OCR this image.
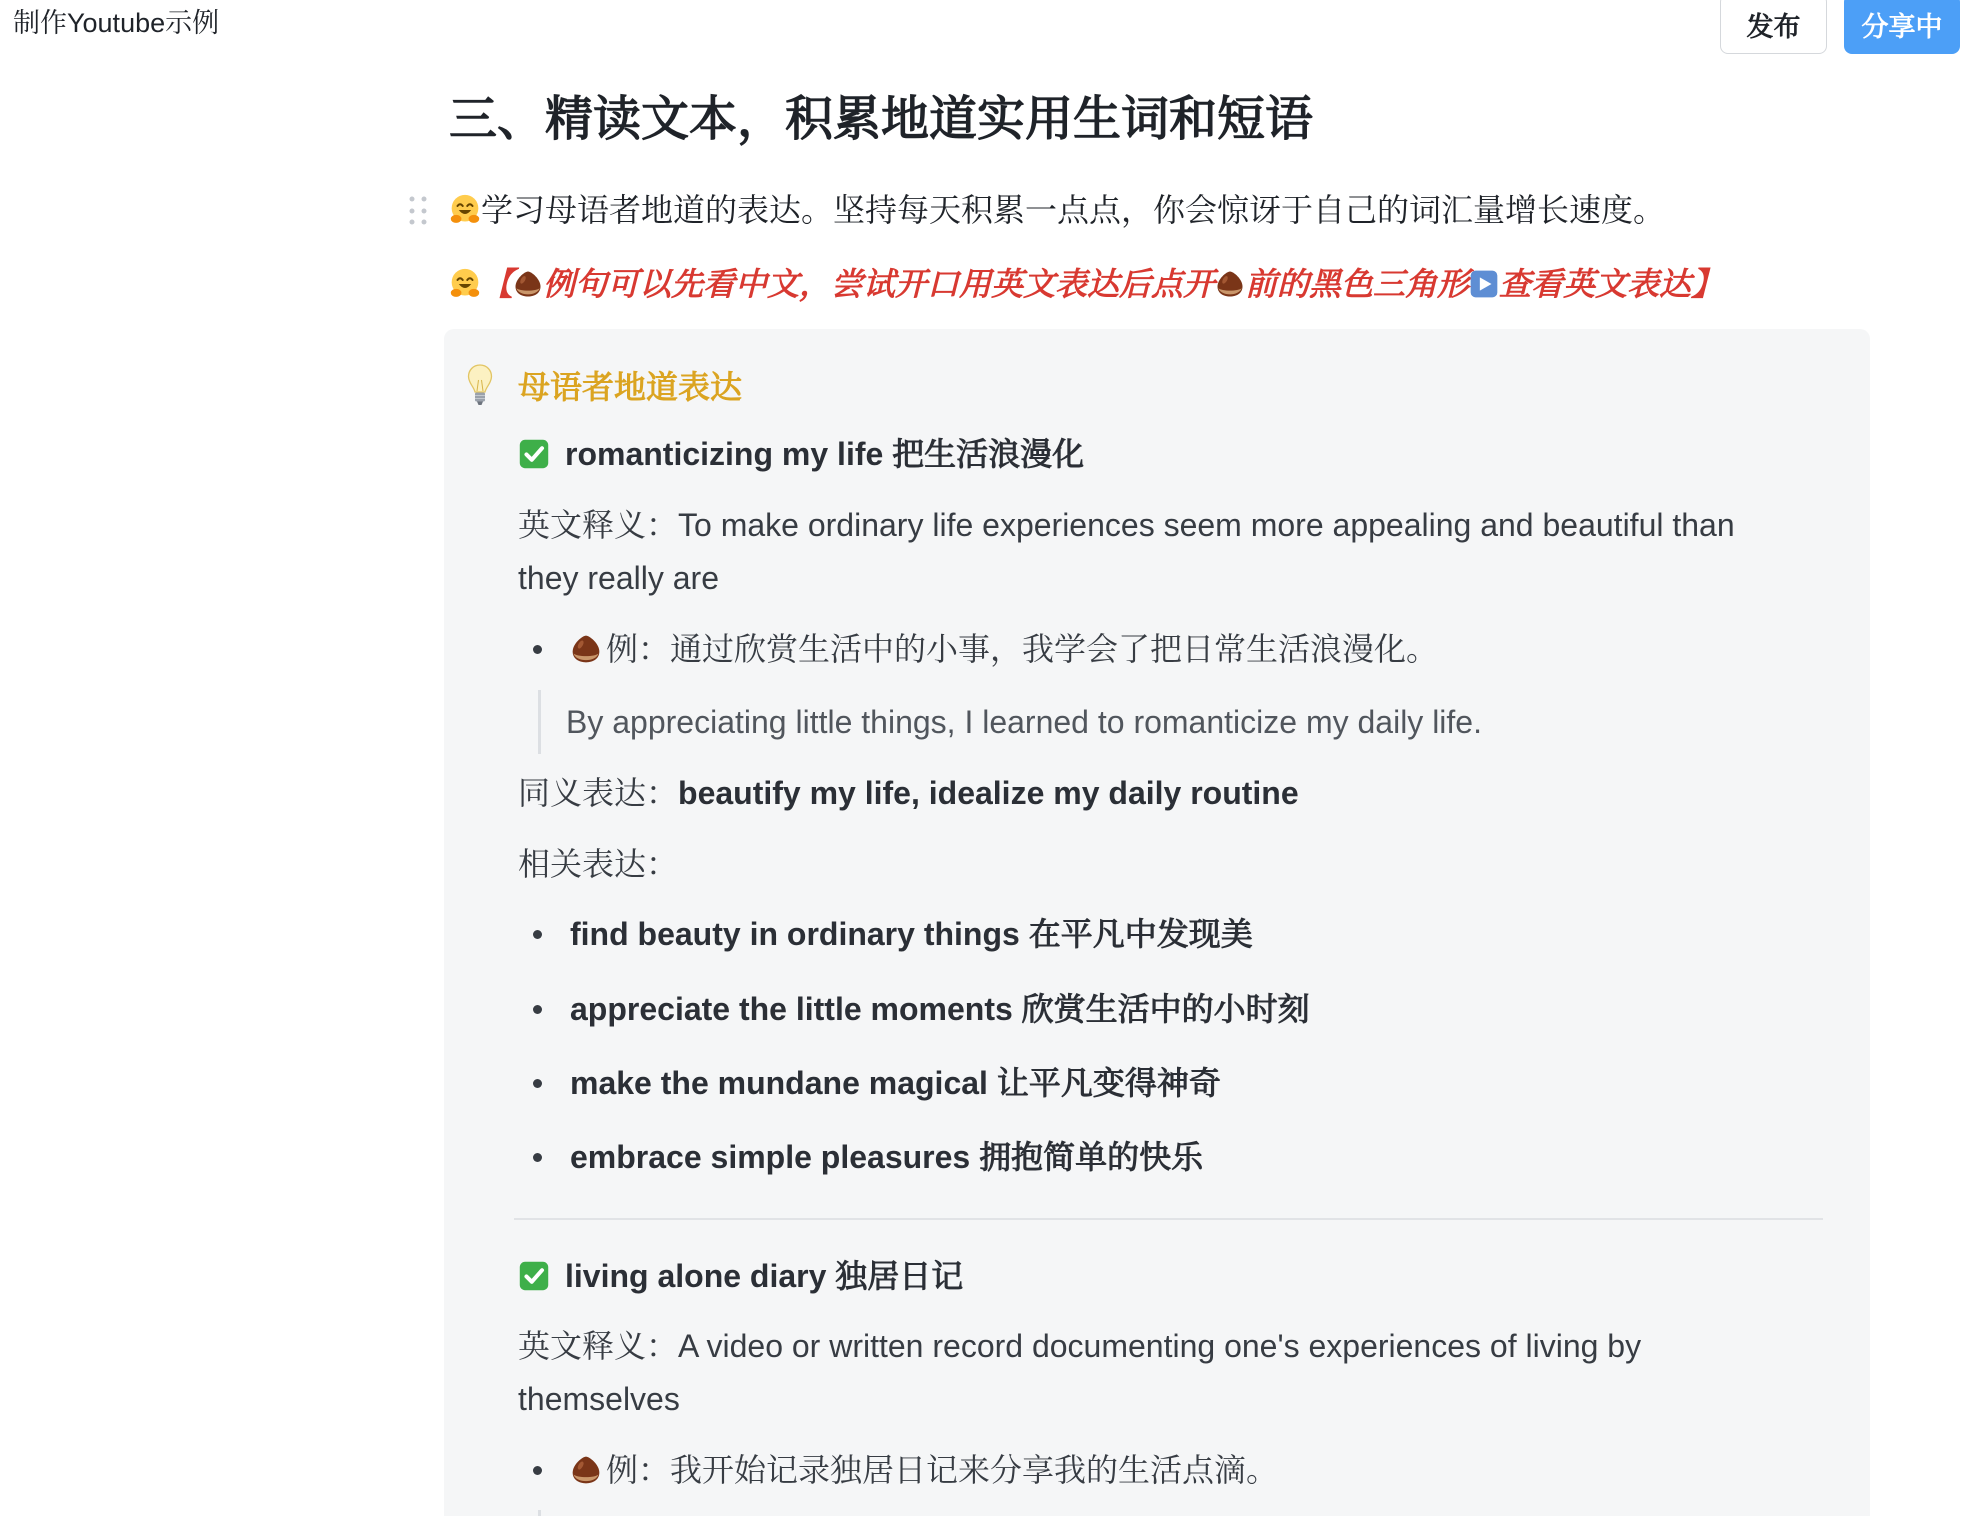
制作Youtube示例	发布	分享中
三、精读文本，积累地道实用生词和短语
学习母语者地道的表达。坚持每天积累一点点，你会惊讶于自己的词汇量增长速度。
【 例句可以先看中文，尝试开口用英文表达后点开 前的黑色三角形 查看英文表达】
母语者地道表达
romanticizing my life 把生活浪漫化
英文释义：To make ordinary life experiences seem more appealing and beautiful than they really are
例： 通过欣赏生活中的小事，我学会了把日常生活浪漫化。
By appreciating little things, I learned to romanticize my daily life.
同义表达： beautify my life, idealize my daily routine
相关表达：
find beauty in ordinary things 在平凡中发现美
appreciate the little moments 欣赏生活中的小时刻
make the mundane magical 让平凡变得神奇
embrace simple pleasures 拥抱简单的快乐
living alone diary 独居日记
英文释义：A video or written record documenting one's experiences of living by themselves
例： 我开始记录独居日记来分享我的生活点滴。
